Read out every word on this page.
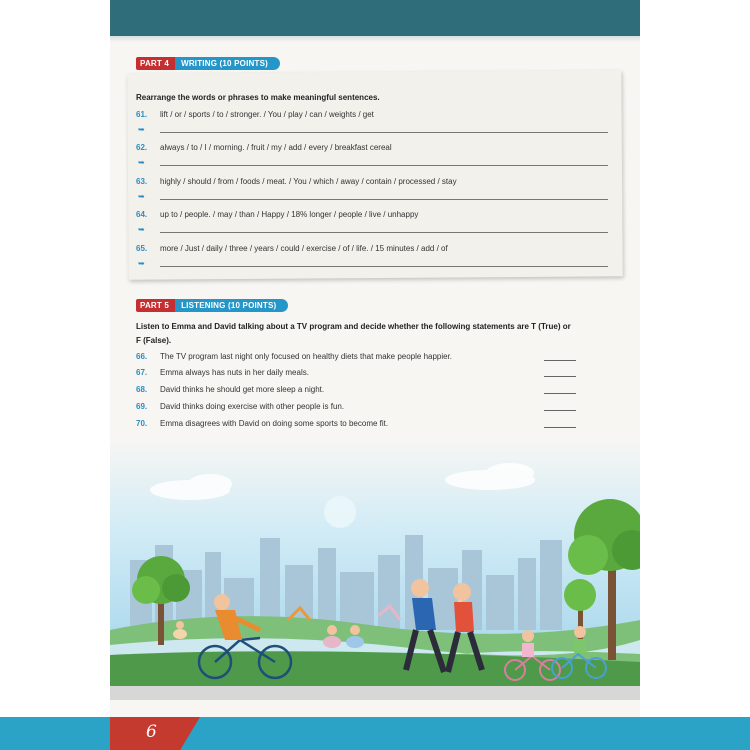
PART 4	WRITING (10 POINTS)
Rearrange the words or phrases to make meaningful sentences.
61. lift / or / sports / to / stronger. / You / play / can / weights / get
➥
62. always / to / I / morning. / fruit / my / add / every / breakfast cereal
➥
63. highly / should / from / foods / meat. / You / which / away / contain / processed / stay
➥
64. up to / people. / may / than / Happy / 18% longer / people / live / unhappy
➥
65. more / Just / daily / three / years / could / exercise / of / life. / 15 minutes / add / of
➥
PART 5	LISTENING (10 POINTS)
Listen to Emma and David talking about a TV program and decide whether the following statements are T (True) or F (False).
66. The TV program last night only focused on healthy diets that make people happier.
67. Emma always has nuts in her daily meals.
68. David thinks he should get more sleep a night.
69. David thinks doing exercise with other people is fun.
70. Emma disagrees with David on doing some sports to become fit.
6
